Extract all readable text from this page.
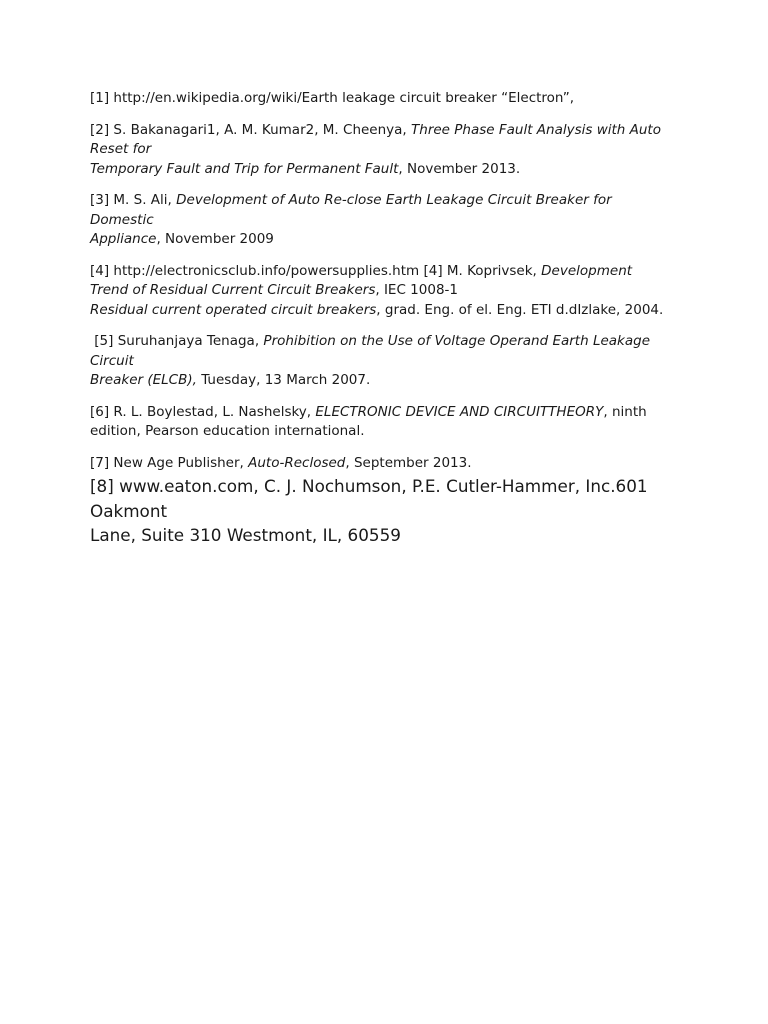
[1] http://en.wikipedia.org/wiki/Earth leakage circuit breaker “Electron”,

[2] S. Bakanagari1, A. M. Kumar2, M. Cheenya, Three Phase Fault Analysis with Auto
Reset for
Temporary Fault and Trip for Permanent Fault, November 2013.

[3] M. S. Ali, Development of Auto Re-close Earth Leakage Circuit Breaker for
Domestic
Appliance, November 2009

[4] http://electronicsclub.info/powersupplies.htm [4] M. Koprivsek, Development
Trend of Residual Current Circuit Breakers, IEC 1008-1
Residual current operated circuit breakers, grad. Eng. of el. Eng. ETI d.dIzlake, 2004.

[5] Suruhanjaya Tenaga, Prohibition on the Use of Voltage Operand Earth Leakage
Circuit
Breaker (ELCB), Tuesday, 13 March 2007.

[6] R. L. Boylestad, L. Nashelsky, ELECTRONIC DEVICE AND CIRCUITTHEORY, ninth
edition, Pearson education international.

[7] New Age Publisher, Auto-Reclosed, September 2013.

[8] www.eaton.com, C. J. Nochumson, P.E. Cutler-Hammer, Inc.601
Oakmont
Lane, Suite 310 Westmont, IL, 60559
